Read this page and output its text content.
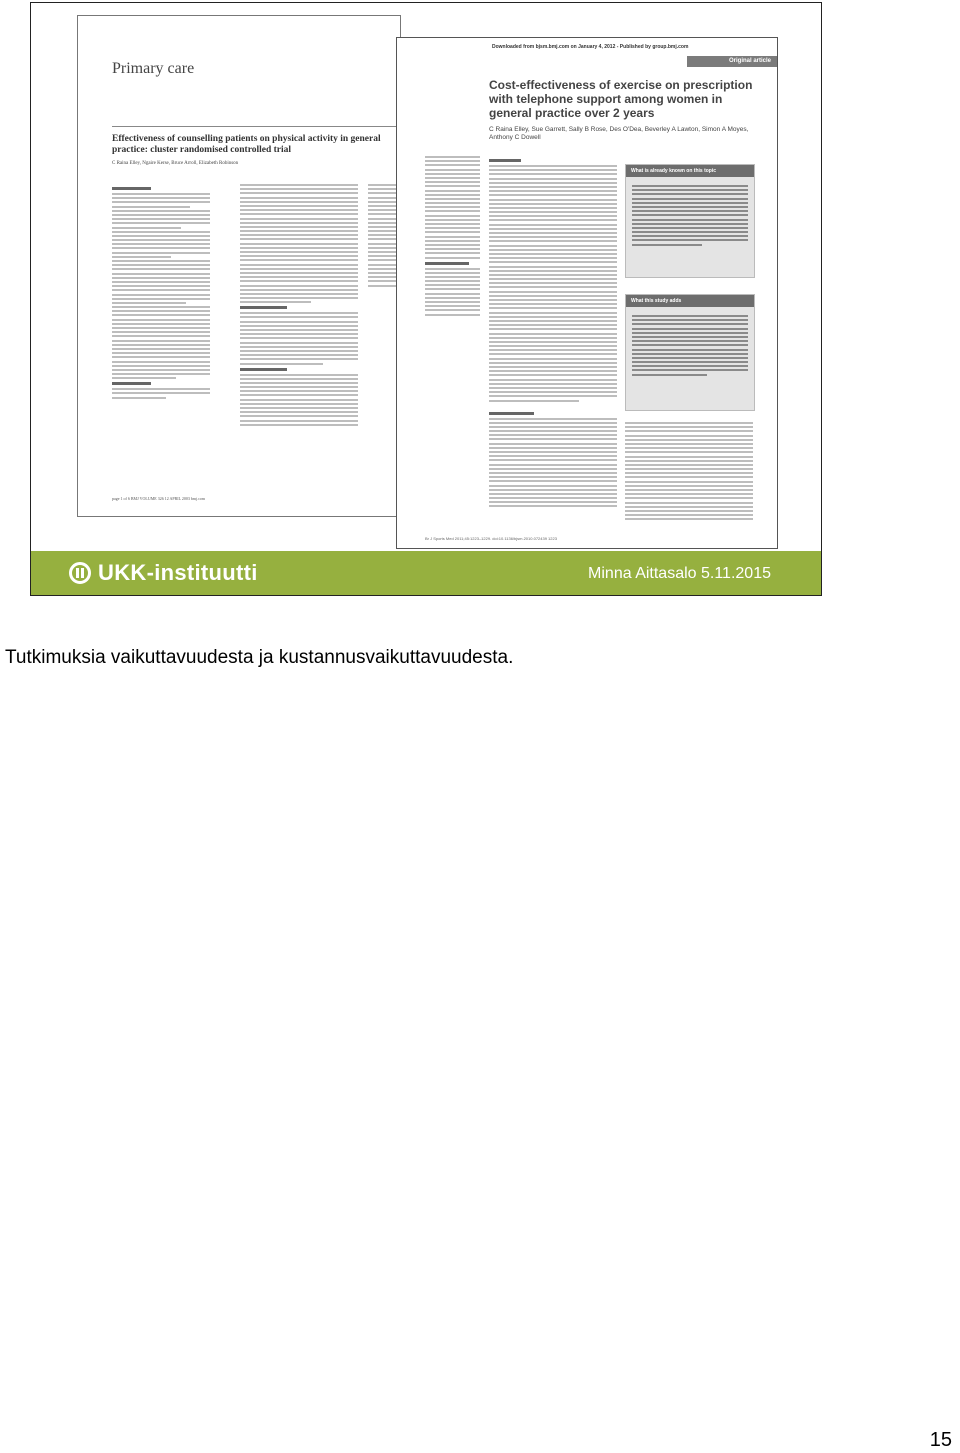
Primary care
Effectiveness of counselling patients on physical activity in general practice: cluster randomised controlled trial
C Raina Elley, Ngaire Kerse, Bruce Arroll, Elizabeth Robinson
page 1 of 6 BMJ VOLUME 326 12 APRIL 2003 bmj.com
Downloaded from bjsm.bmj.com on January 4, 2012 - Published by group.bmj.com
Original article
Cost-effectiveness of exercise on prescription with telephone support among women in general practice over 2 years
C Raina Elley, Sue Garrett, Sally B Rose, Des O'Dea, Beverley A Lawton, Simon A Moyes, Anthony C Dowell
What is already known on this topic
What this study adds
Br J Sports Med 2011;45:1223–1229. doi:10.1136/bjsm.2010.072439 1223
UKK-instituutti	Minna Aittasalo 5.11.2015
Tutkimuksia vaikuttavuudesta ja kustannusvaikuttavuudesta.
15
